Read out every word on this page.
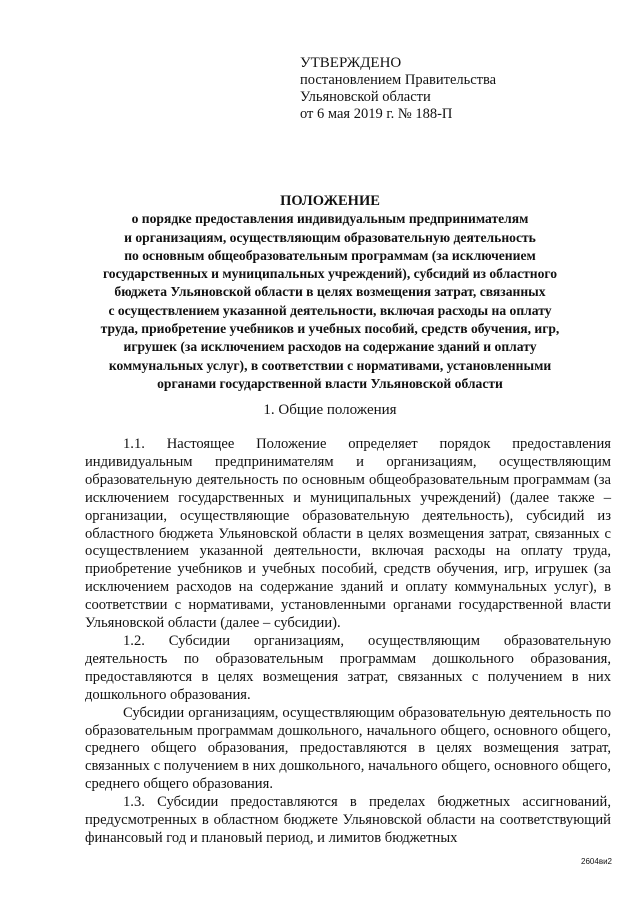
УТВЕРЖДЕНО
постановлением Правительства
Ульяновской области
от 6 мая 2019 г. № 188-П
ПОЛОЖЕНИЕ
о порядке предоставления индивидуальным предпринимателям
и организациям, осуществляющим образовательную деятельность
по основным общеобразовательным программам (за исключением
государственных и муниципальных учреждений), субсидий из областного
бюджета Ульяновской области в целях возмещения затрат, связанных
с осуществлением указанной деятельности, включая расходы на оплату
труда, приобретение учебников и учебных пособий, средств обучения, игр,
игрушек (за исключением расходов на содержание зданий и оплату
коммунальных услуг), в соответствии с нормативами, установленными
органами государственной власти Ульяновской области
1. Общие положения

1.1. Настоящее Положение определяет порядок предоставления индивидуальным предпринимателям и организациям, осуществляющим образовательную деятельность по основным общеобразовательным программам (за исключением государственных и муниципальных учреждений) (далее также – организации, осуществляющие образовательную деятельность), субсидий из областного бюджета Ульяновской области в целях возмещения затрат, связанных с осуществлением указанной деятельности, включая расходы на оплату труда, приобретение учебников и учебных пособий, средств обучения, игр, игрушек (за исключением расходов на содержание зданий и оплату коммунальных услуг), в соответствии с нормативами, установленными органами государственной власти Ульяновской области (далее – субсидии).

1.2. Субсидии организациям, осуществляющим образовательную деятельность по образовательным программам дошкольного образования, предоставляются в целях возмещения затрат, связанных с получением в них дошкольного образования.

Субсидии организациям, осуществляющим образовательную деятельность по образовательным программам дошкольного, начального общего, основного общего, среднего общего образования, предоставляются в целях возмещения затрат, связанных с получением в них дошкольного, начального общего, основного общего, среднего общего образования.

1.3. Субсидии предоставляются в пределах бюджетных ассигнований, предусмотренных в областном бюджете Ульяновской области на соответствующий финансовый год и плановый период, и лимитов бюджетных

2604ви2
